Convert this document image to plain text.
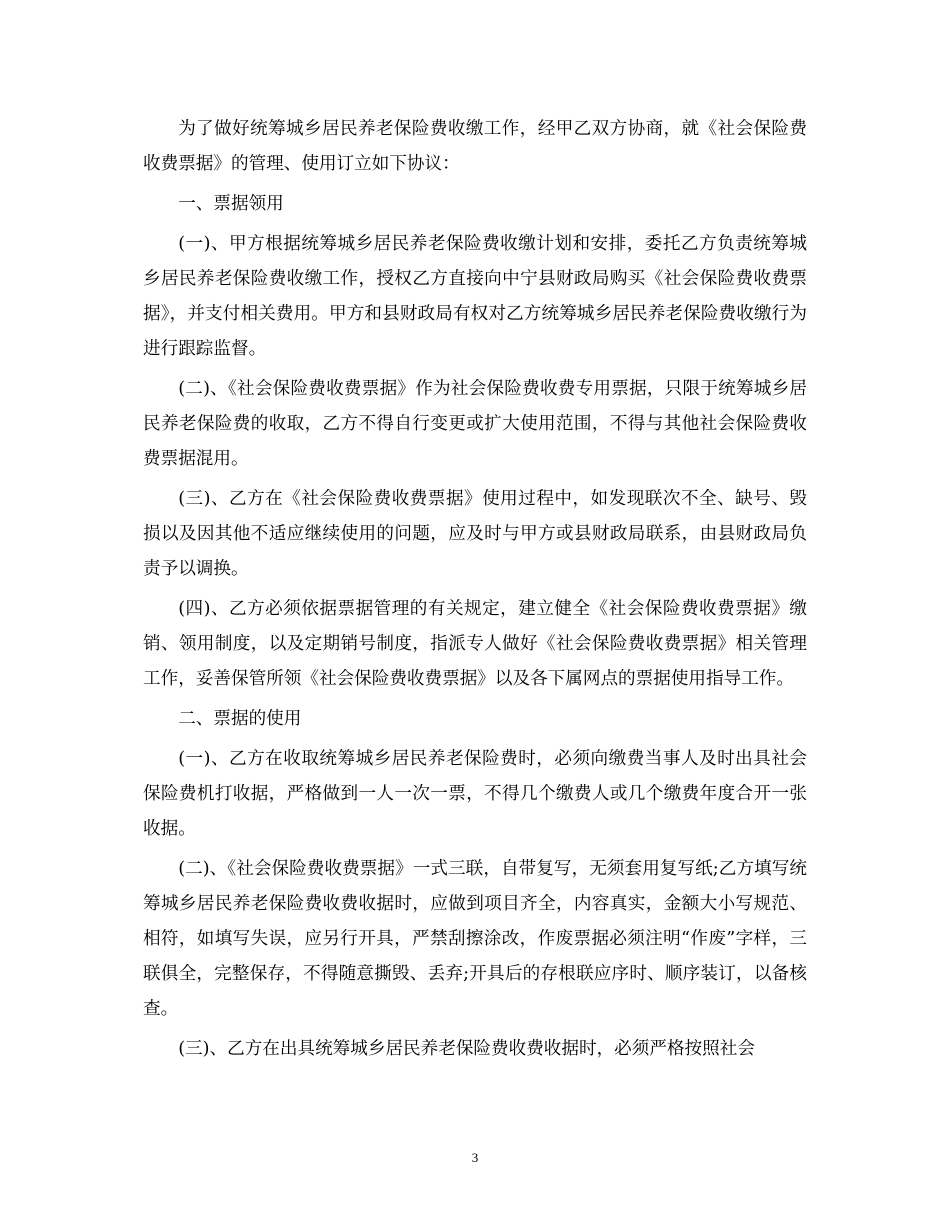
为了做好统筹城乡居民养老保险费收缴工作，经甲乙双方协商，就《社会保险费收费票据》的管理、使用订立如下协议：

一、票据领用

(一)、甲方根据统筹城乡居民养老保险费收缴计划和安排，委托乙方负责统筹城乡居民养老保险费收缴工作，授权乙方直接向中宁县财政局购买《社会保险费收费票据》，并支付相关费用。甲方和县财政局有权对乙方统筹城乡居民养老保险费收缴行为进行跟踪监督。

(二)、《社会保险费收费票据》作为社会保险费收费专用票据，只限于统筹城乡居民养老保险费的收取，乙方不得自行变更或扩大使用范围，不得与其他社会保险费收费票据混用。

(三)、乙方在《社会保险费收费票据》使用过程中，如发现联次不全、缺号、毁损以及因其他不适应继续使用的问题，应及时与甲方或县财政局联系，由县财政局负责予以调换。

(四)、乙方必须依据票据管理的有关规定，建立健全《社会保险费收费票据》缴销、领用制度，以及定期销号制度，指派专人做好《社会保险费收费票据》相关管理工作，妥善保管所领《社会保险费收费票据》以及各下属网点的票据使用指导工作。

二、票据的使用

(一)、乙方在收取统筹城乡居民养老保险费时，必须向缴费当事人及时出具社会保险费机打收据，严格做到一人一次一票，不得几个缴费人或几个缴费年度合开一张收据。

(二)、《社会保险费收费票据》一式三联，自带复写，无须套用复写纸;乙方填写统筹城乡居民养老保险费收费收据时，应做到项目齐全，内容真实，金额大小写规范、相符，如填写失误，应另行开具，严禁刮擦涂改，作废票据必须注明“作废”字样，三联俱全，完整保存，不得随意撕毁、丢弃;开具后的存根联应序时、顺序装订，以备核查。

(三)、乙方在出具统筹城乡居民养老保险费收费收据时，必须严格按照社会

3
